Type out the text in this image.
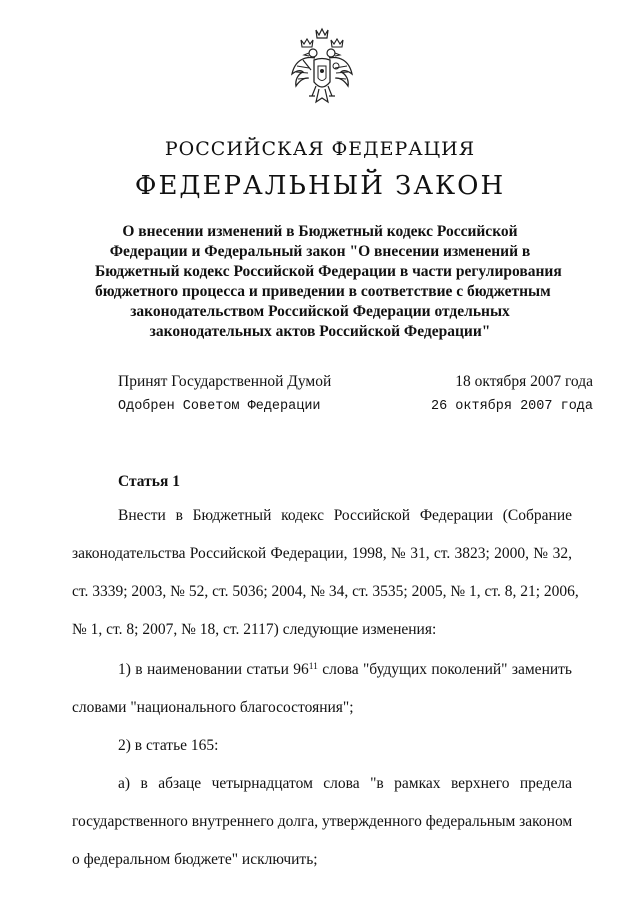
РОССИЙСКАЯ ФЕДЕРАЦИЯ
ФЕДЕРАЛЬНЫЙ ЗАКОН
О внесении изменений в Бюджетный кодекс Российской
Федерации и Федеральный закон "О внесении изменений в
Бюджетный кодекс Российской Федерации в части регулирования
бюджетного процесса и приведении в соответствие с бюджетным
законодательством Российской Федерации отдельных
законодательных актов Российской Федерации"
Принят Государственной Думой	18 октября 2007 года
Одобрен Советом Федерации	26 октября 2007 года
Статья 1

Внести в Бюджетный кодекс Российской Федерации (Собрание

законодательства Российской Федерации, 1998, № 31, ст. 3823; 2000, № 32,

ст. 3339; 2003, № 52, ст. 5036; 2004, № 34, ст. 3535; 2005, № 1, ст. 8, 21; 2006,

№ 1, ст. 8; 2007, № 18, ст. 2117) следующие изменения:

1) в наименовании статьи $96^{11}$ слова "будущих поколений" заменить

словами "национального благосостояния";

2) в статье 165:

а) в абзаце четырнадцатом слова "в рамках верхнего предела

государственного внутреннего долга, утвержденного федеральным законом

о федеральном бюджете" исключить;
